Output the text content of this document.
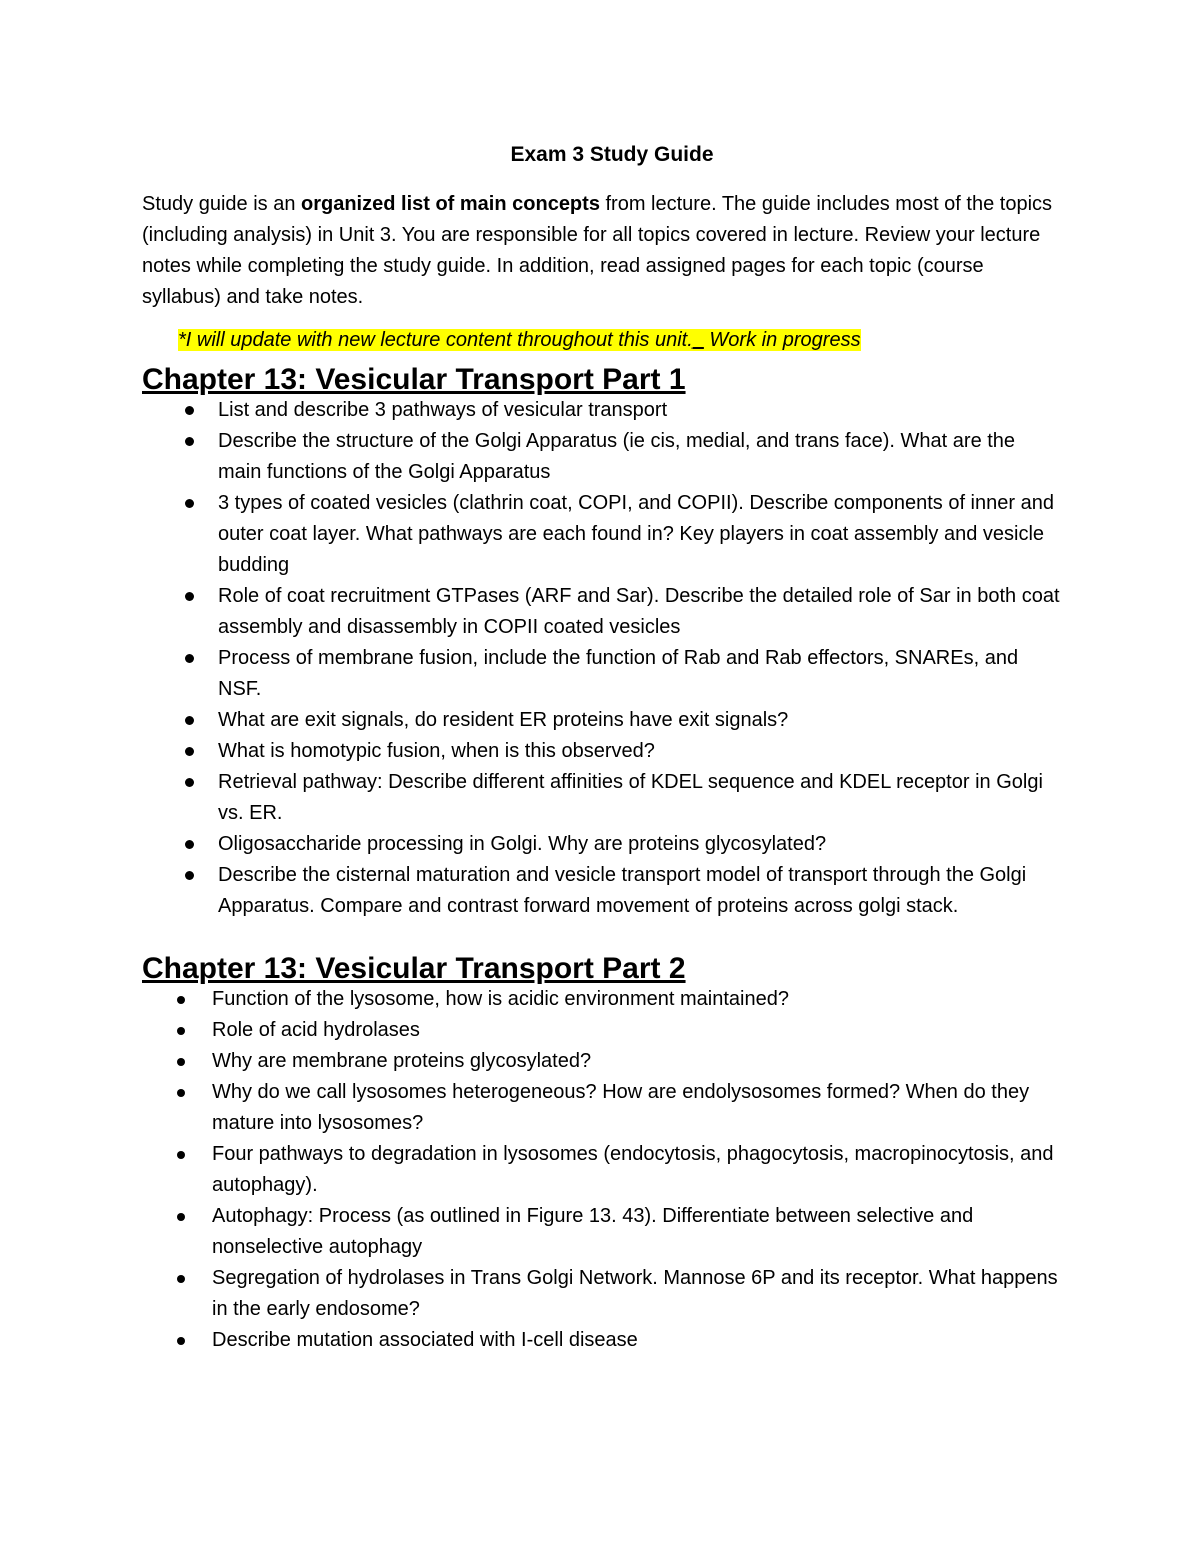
Exam 3 Study Guide

Study guide is an organized list of main concepts from lecture. The guide includes most of the topics (including analysis) in Unit 3. You are responsible for all topics covered in lecture. Review your lecture notes while completing the study guide. In addition, read assigned pages for each topic (course syllabus) and take notes.

*I will update with new lecture content throughout this unit._ Work in progress

Chapter 13: Vesicular Transport Part 1
List and describe 3 pathways of vesicular transport
Describe the structure of the Golgi Apparatus (ie cis, medial, and trans face). What are the main functions of the Golgi Apparatus
3 types of coated vesicles (clathrin coat, COPI, and COPII). Describe components of inner and outer coat layer. What pathways are each found in? Key players in coat assembly and vesicle budding
Role of coat recruitment GTPases (ARF and Sar). Describe the detailed role of Sar in both coat assembly and disassembly in COPII coated vesicles
Process of membrane fusion, include the function of Rab and Rab effectors, SNAREs, and NSF.
What are exit signals, do resident ER proteins have exit signals?
What is homotypic fusion, when is this observed?
Retrieval pathway: Describe different affinities of KDEL sequence and KDEL receptor in Golgi vs. ER.
Oligosaccharide processing in Golgi. Why are proteins glycosylated?
Describe the cisternal maturation and vesicle transport model of transport through the Golgi Apparatus. Compare and contrast forward movement of proteins across golgi stack.
Chapter 13: Vesicular Transport Part 2
Function of the lysosome, how is acidic environment maintained?
Role of acid hydrolases
Why are membrane proteins glycosylated?
Why do we call lysosomes heterogeneous? How are endolysosomes formed? When do they mature into lysosomes?
Four pathways to degradation in lysosomes (endocytosis, phagocytosis, macropinocytosis, and autophagy).
Autophagy: Process (as outlined in Figure 13. 43). Differentiate between selective and nonselective autophagy
Segregation of hydrolases in Trans Golgi Network. Mannose 6P and its receptor. What happens in the early endosome?
Describe mutation associated with I-cell disease
